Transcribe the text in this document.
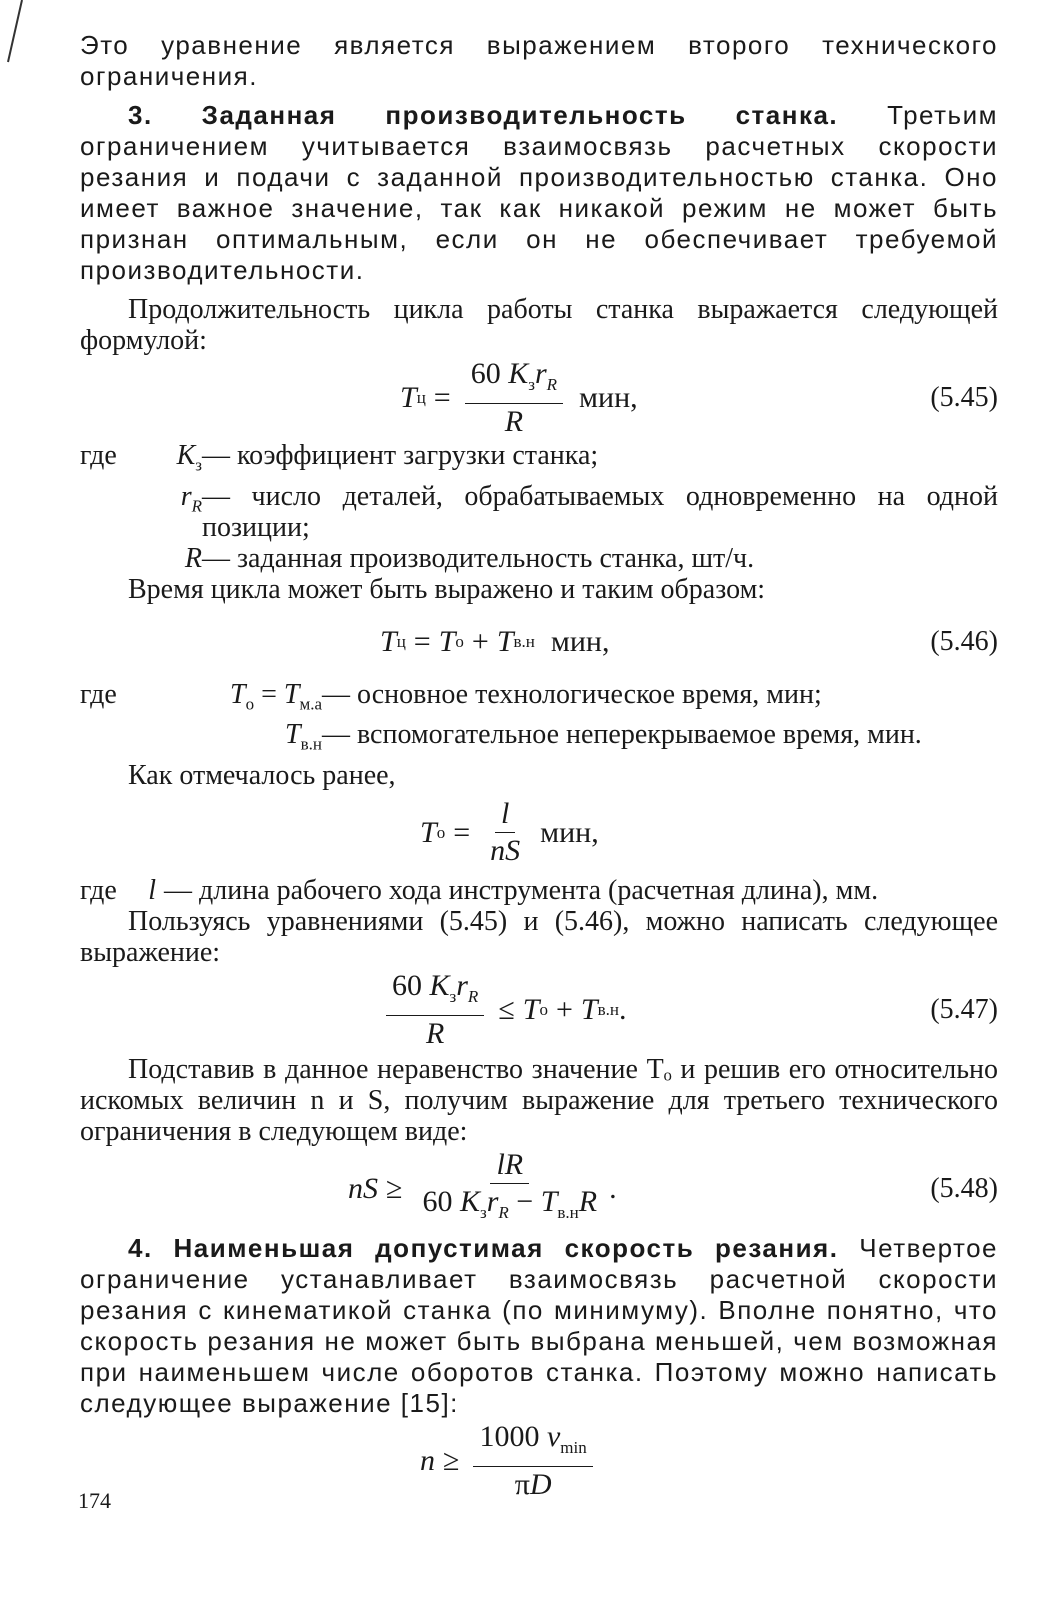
Это уравнение является выражением второго технического ограничения.

3. Заданная производительность станка. Третьим ограничением учитывается взаимосвязь расчетных скорости резания и подачи с заданной производительностью станка. Оно имеет важное значение, так как никакой режим не может быть признан оптимальным, если он не обеспечивает требуемой производительности.

Продолжительность цикла работы станка выражается следующей формулой:

T $ц = \frac{60 K_зr_R}{R}$ мин,	(5.45)
где	$K_з$ — коэффициент загрузки станка;
$r_R$ — число деталей, обрабатываемых одновременно на одной позиции;
R — заданная производительность станка, шт/ч.

Время цикла может быть выражено и таким образом:

T ц = T о + T в.н мин,	(5.46)
где	$T_о = T_{м.а}$ — основное технологическое время, мин;
$T_{в.н}$ — вспомогательное неперекрываемое время, мин.

Как отмечалось ранее,

T $о = \frac{l}{nS}$ мин,
где	l — длина рабочего хода инструмента (расчетная длина), мм.

Пользуясь уравнениями (5.45) и (5.46), можно написать следующее выражение:

$\frac{60 K_зr_R}{R} \le T$ о + T в.н .	(5.47)

Подставив в данное неравенство значение Tₒ и решив его относительно искомых величин n и S, получим выражение для третьего технического ограничения в следующем виде:

nS ≥ $\frac{lR}{60 K_зr_R - T_{в.н}R}$ .	(5.48)

4. Наименьшая допустимая скорость резания. Четвертое ограничение устанавливает взаимосвязь расчетной скорости резания с кинематикой станка (по минимуму). Вполне понятно, что скорость резания не может быть выбрана меньшей, чем возможная при наименьшем числе оборотов станка. Поэтому можно написать следующее выражение [15]:

$n \ge \frac{1000 v_{min}}{\pi D}$
174
